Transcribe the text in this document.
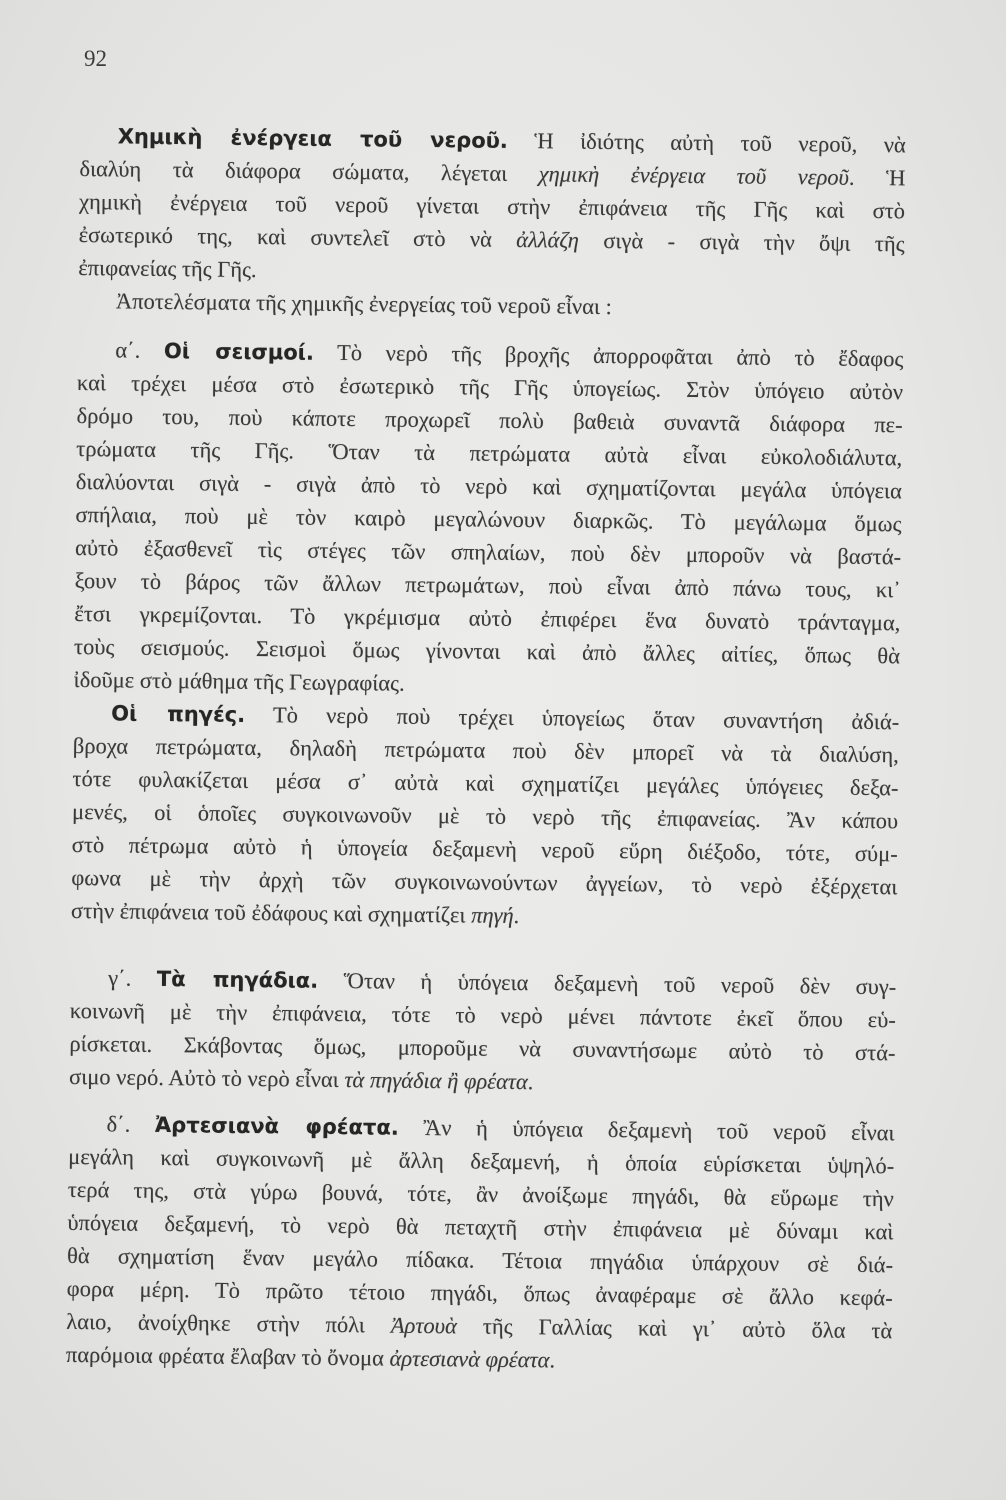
92
Χημικὴ ἐνέργεια τοῦ νεροῦ. Ἡ ἰδιότης αὐτὴ τοῦ νεροῦ, νὰ
διαλύη τὰ διάφορα σώματα, λέγεται χημικὴ ἐνέργεια τοῦ νεροῦ. Ἡ
χημικὴ ἐνέργεια τοῦ νεροῦ γίνεται στὴν ἐπιφάνεια τῆς Γῆς καὶ στὸ
ἐσωτερικό της, καὶ συντελεῖ στὸ νὰ ἀλλάζη σιγὰ - σιγὰ τὴν ὄψι τῆς
ἐπιφανείας τῆς Γῆς.
Ἀποτελέσματα τῆς χημικῆς ἐνεργείας τοῦ νεροῦ εἶναι :
α΄. Οἱ σεισμοί. Τὸ νερὸ τῆς βροχῆς ἀπορροφᾶται ἀπὸ τὸ ἔδαφος
καὶ τρέχει μέσα στὸ ἐσωτερικὸ τῆς Γῆς ὑπογείως. Στὸν ὑπόγειο αὐτὸν
δρόμο του, ποὺ κάποτε προχωρεῖ πολὺ βαθειὰ συναντᾶ διάφορα πε-
τρώματα τῆς Γῆς. Ὅταν τὰ πετρώματα αὐτὰ εἶναι εὐκολοδιάλυτα,
διαλύονται σιγὰ - σιγὰ ἀπὸ τὸ νερὸ καὶ σχηματίζονται μεγάλα ὑπόγεια
σπήλαια, ποὺ μὲ τὸν καιρὸ μεγαλώνουν διαρκῶς. Τὸ μεγάλωμα ὅμως
αὐτὸ ἐξασθενεῖ τὶς στέγες τῶν σπηλαίων, ποὺ δὲν μποροῦν νὰ βαστά-
ξουν τὸ βάρος τῶν ἄλλων πετρωμάτων, ποὺ εἶναι ἀπὸ πάνω τους, κι᾽
ἔτσι γκρεμίζονται. Τὸ γκρέμισμα αὐτὸ ἐπιφέρει ἕνα δυνατὸ τράνταγμα,
τοὺς σεισμούς. Σεισμοὶ ὅμως γίνονται καὶ ἀπὸ ἄλλες αἰτίες, ὅπως θὰ
ἰδοῦμε στὸ μάθημα τῆς Γεωγραφίας.
Οἱ πηγές. Τὸ νερὸ ποὺ τρέχει ὑπογείως ὅταν συναντήση ἀδιά-
βροχα πετρώματα, δηλαδὴ πετρώματα ποὺ δὲν μπορεῖ νὰ τὰ διαλύση,
τότε φυλακίζεται μέσα σ᾽ αὐτὰ καὶ σχηματίζει μεγάλες ὑπόγειες δεξα-
μενές, οἱ ὁποῖες συγκοινωνοῦν μὲ τὸ νερὸ τῆς ἐπιφανείας. Ἂν κάπου
στὸ πέτρωμα αὐτὸ ἡ ὑπογεία δεξαμενὴ νεροῦ εὕρη διέξοδο, τότε, σύμ-
φωνα μὲ τὴν ἀρχὴ τῶν συγκοινωνούντων ἀγγείων, τὸ νερὸ ἐξέρχεται
στὴν ἐπιφάνεια τοῦ ἐδάφους καὶ σχηματίζει πηγή.
γ΄. Τὰ πηγάδια. Ὅταν ἡ ὑπόγεια δεξαμενὴ τοῦ νεροῦ δὲν συγ-
κοινωνῆ μὲ τὴν ἐπιφάνεια, τότε τὸ νερὸ μένει πάντοτε ἐκεῖ ὅπου εὑ-
ρίσκεται. Σκάβοντας ὅμως, μποροῦμε νὰ συναντήσωμε αὐτὸ τὸ στά-
σιμο νερό. Αὐτὸ τὸ νερὸ εἶναι τὰ πηγάδια ἢ φρέατα.
δ΄. Ἀρτεσιανὰ φρέατα. Ἂν ἡ ὑπόγεια δεξαμενὴ τοῦ νεροῦ εἶναι
μεγάλη καὶ συγκοινωνῆ μὲ ἄλλη δεξαμενή, ἡ ὁποία εὑρίσκεται ὑψηλό-
τερά της, στὰ γύρω βουνά, τότε, ἂν ἀνοίξωμε πηγάδι, θὰ εὕρωμε τὴν
ὑπόγεια δεξαμενή, τὸ νερὸ θὰ πεταχτῆ στὴν ἐπιφάνεια μὲ δύναμι καὶ
θὰ σχηματίση ἕναν μεγάλο πίδακα. Τέτοια πηγάδια ὑπάρχουν σὲ διά-
φορα μέρη. Τὸ πρῶτο τέτοιο πηγάδι, ὅπως ἀναφέραμε σὲ ἄλλο κεφά-
λαιο, ἀνοίχθηκε στὴν πόλι Ἀρτουὰ τῆς Γαλλίας καὶ γι᾽ αὐτὸ ὅλα τὰ
παρόμοια φρέατα ἔλαβαν τὸ ὄνομα ἀρτεσιανὰ φρέατα.
